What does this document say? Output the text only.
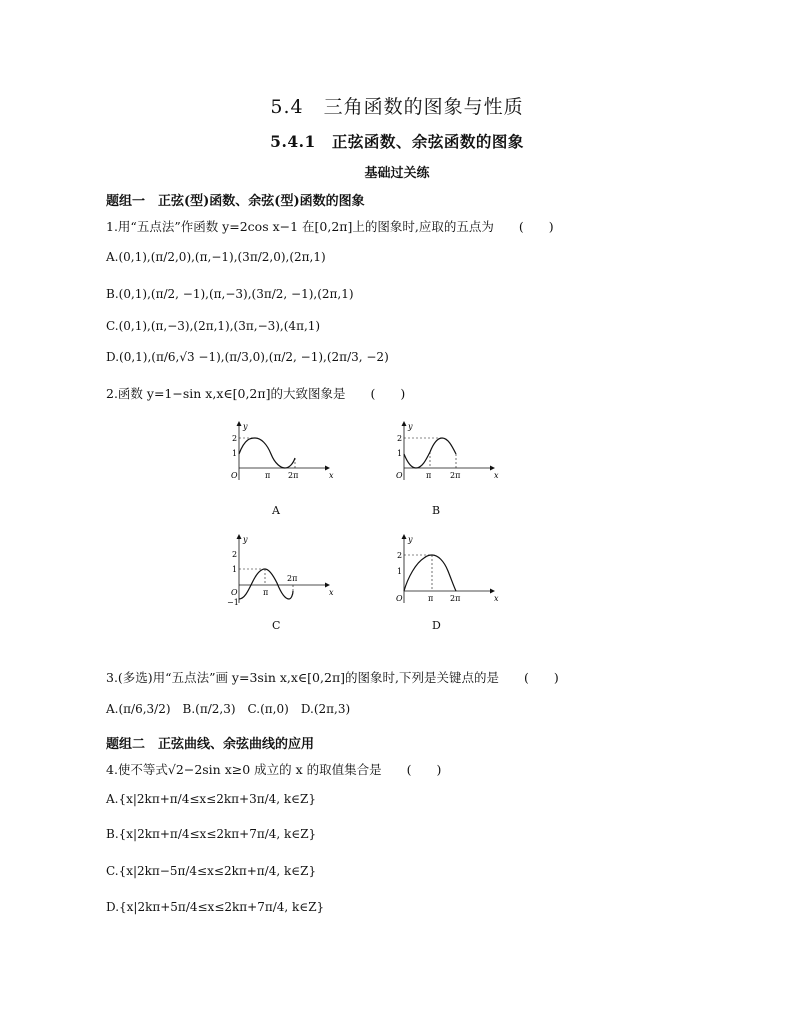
5.4　三角函数的图象与性质
5.4.1　正弦函数、余弦函数的图象
基础过关练
题组一　正弦(型)函数、余弦(型)函数的图象
1.用“五点法”作函数 y=2cos x−1 在[0,2π]上的图象时,应取的五点为　　(　　)
A.(0,1),(π/2,0),(π,−1),(3π/2,0),(2π,1)
B.(0,1),(π/2, −1),(π,−3),(3π/2, −1),(2π,1)
C.(0,1),(π,−3),(2π,1),(3π,−3),(4π,1)
D.(0,1),(π/6,√3 −1),(π/3,0),(π/2, −1),(2π/3, −2)
2.函数 y=1−sin x,x∈[0,2π]的大致图象是　　(　　)
y
x
O
2
1
π 2π
A
y
x
O
2
1
π 2π
B
y
x
O
2
1
−1
π
2π
C
y
x
O
2
1
π 2π
D
3.(多选)用“五点法”画 y=3sin x,x∈[0,2π]的图象时,下列是关键点的是　　(　　)
A.(π/6,3/2)　B.(π/2,3)　C.(π,0)　D.(2π,3)
题组二　正弦曲线、余弦曲线的应用
4.使不等式√2−2sin x≥0 成立的 x 的取值集合是　　(　　)
A.{x|2kπ+π/4≤x≤2kπ+3π/4, k∈Z}
B.{x|2kπ+π/4≤x≤2kπ+7π/4, k∈Z}
C.{x|2kπ−5π/4≤x≤2kπ+π/4, k∈Z}
D.{x|2kπ+5π/4≤x≤2kπ+7π/4, k∈Z}
